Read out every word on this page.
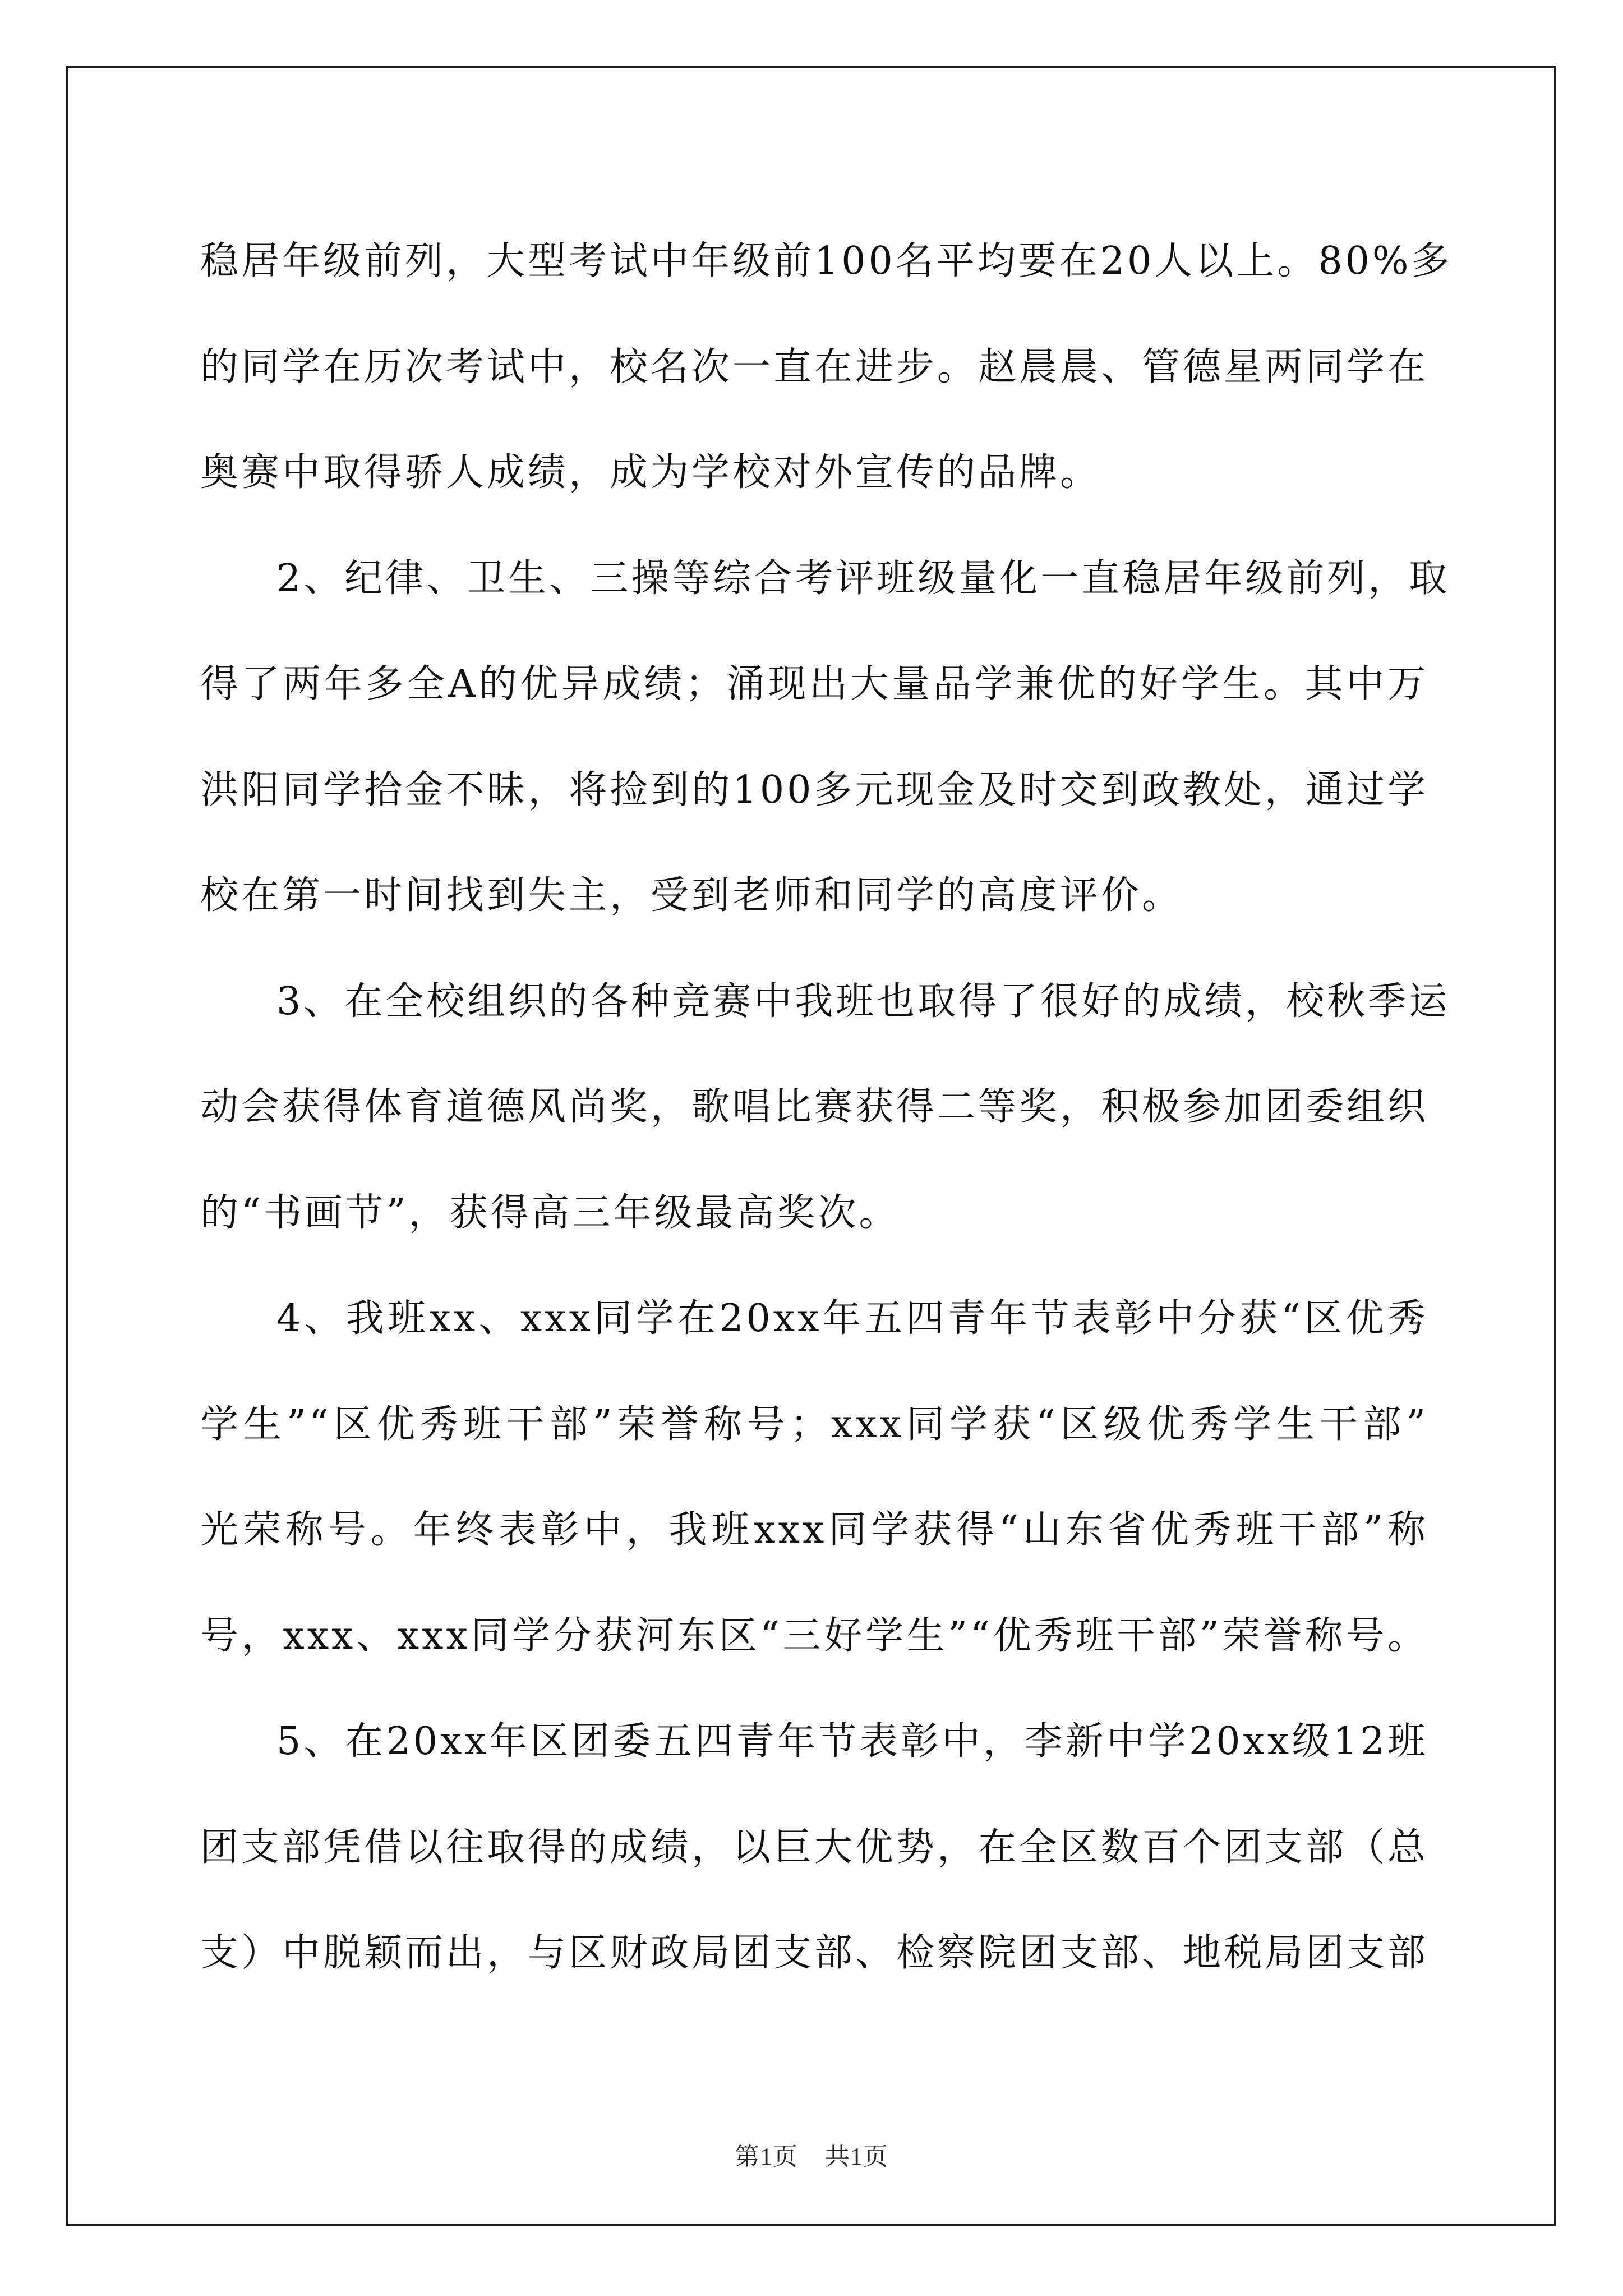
稳居年级前列，大型考试中年级前100名平均要在20人以上。80%多
的同学在历次考试中，校名次一直在进步。赵晨晨、管德星两同学在
奥赛中取得骄人成绩，成为学校对外宣传的品牌。

2、纪律、卫生、三操等综合考评班级量化一直稳居年级前列，取
得了两年多全A的优异成绩；涌现出大量品学兼优的好学生。其中万
洪阳同学拾金不昧，将捡到的100多元现金及时交到政教处，通过学
校在第一时间找到失主，受到老师和同学的高度评价。

3、在全校组织的各种竞赛中我班也取得了很好的成绩，校秋季运
动会获得体育道德风尚奖，歌唱比赛获得二等奖，积极参加团委组织
的“书画节”，获得高三年级最高奖次。

4、我班xx、xxx同学在20xx年五四青年节表彰中分获“区优秀
学生”“区优秀班干部”荣誉称号；xxx同学获“区级优秀学生干部”
光荣称号。年终表彰中，我班xxx同学获得“山东省优秀班干部”称
号，xxx、xxx同学分获河东区“三好学生”“优秀班干部”荣誉称号。

5、在20xx年区团委五四青年节表彰中，李新中学20xx级12班
团支部凭借以往取得的成绩，以巨大优势，在全区数百个团支部（总
支）中脱颖而出，与区财政局团支部、检察院团支部、地税局团支部

第1页 共1页
